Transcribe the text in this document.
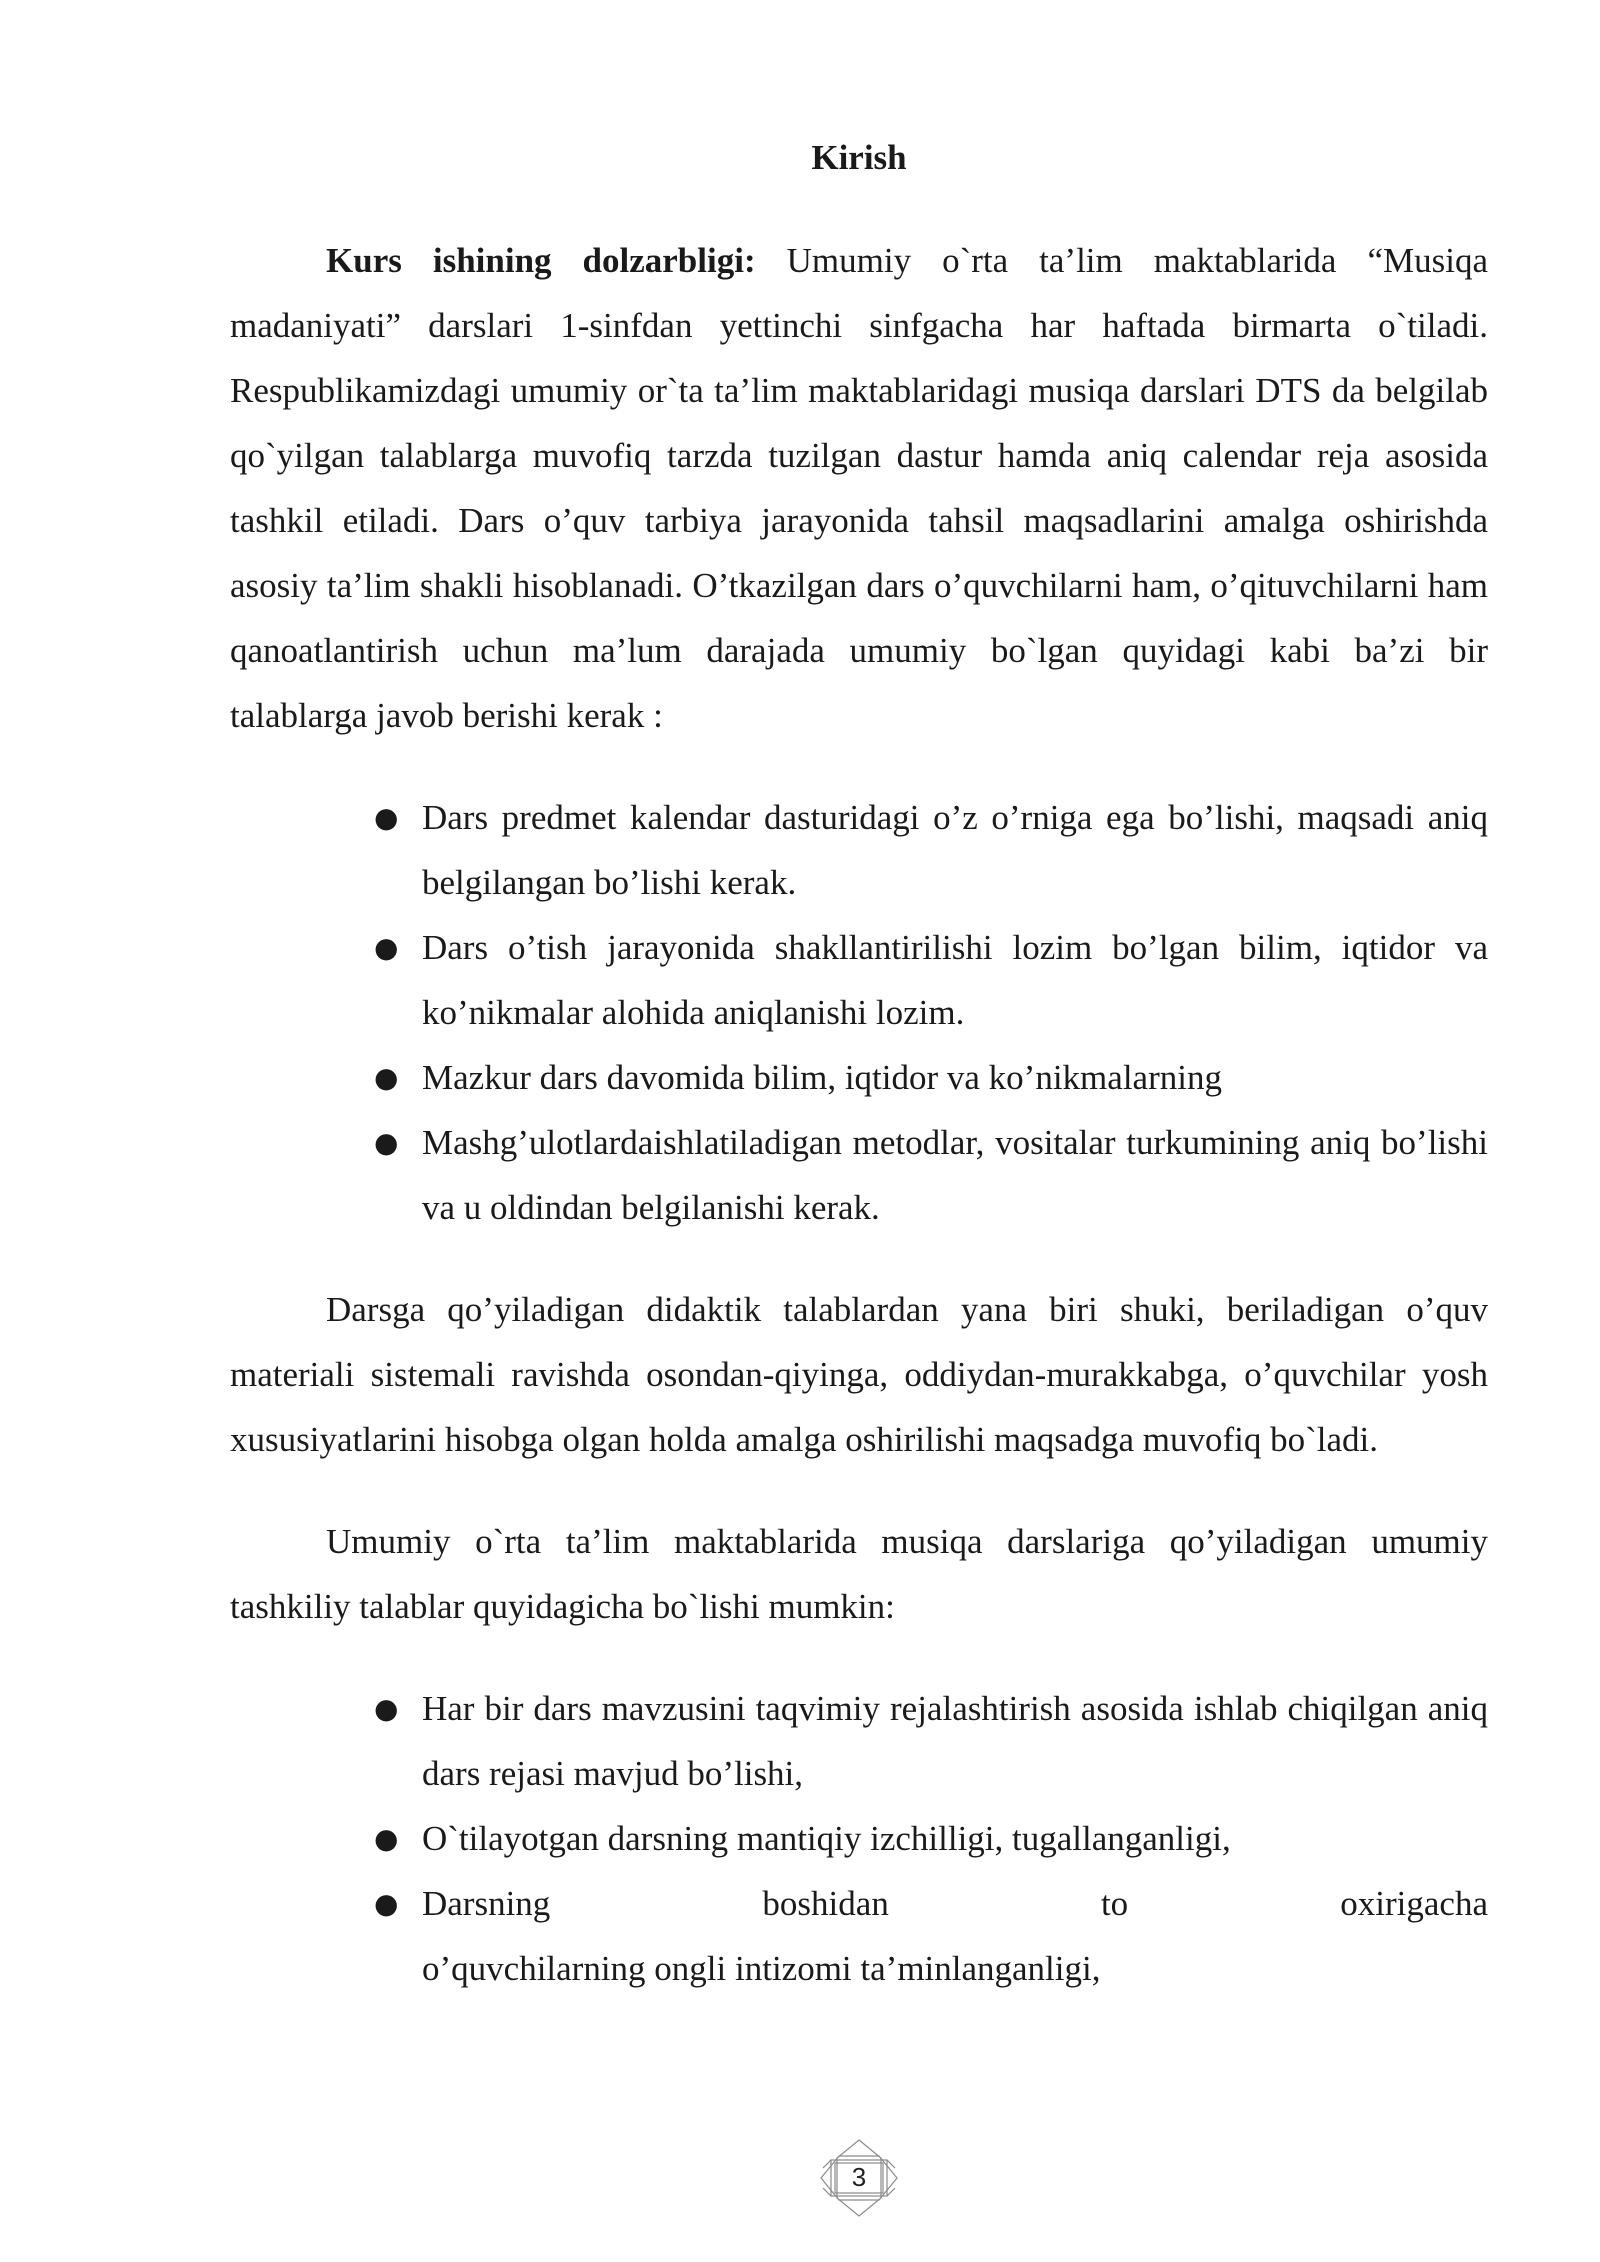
Kirish

Kurs ishining dolzarbligi: Umumiy o`rta ta’lim maktablarida “Musiqa madaniyati” darslari 1-sinfdan yettinchi sinfgacha har haftada birmarta o`tiladi. Respublikamizdagi umumiy or`ta ta’lim maktablaridagi musiqa darslari DTS da belgilab qo`yilgan talablarga muvofiq tarzda tuzilgan dastur hamda aniq calendar reja asosida tashkil etiladi. Dars o’quv tarbiya jarayonida tahsil maqsadlarini amalga oshirishda asosiy ta’lim shakli hisoblanadi. O’tkazilgan dars o’quvchilarni ham, o’qituvchilarni ham qanoatlantirish uchun ma’lum darajada umumiy bo`lgan quyidagi kabi ba’zi bir talablarga javob berishi kerak :

● Dars predmet kalendar dasturidagi o’z o’rniga ega bo’lishi, maqsadi aniq belgilangan bo’lishi kerak.
● Dars o’tish jarayonida shakllantirilishi lozim bo’lgan bilim, iqtidor va ko’nikmalar alohida aniqlanishi lozim.
● Mazkur dars davomida bilim, iqtidor va ko’nikmalarning
● Mashg’ulotlardaishlatiladigan metodlar, vositalar turkumining aniq bo’lishi va u oldindan belgilanishi kerak.

Darsga qo’yiladigan didaktik talablardan yana biri shuki, beriladigan o’quv materiali sistemali ravishda osondan-qiyinga, oddiydan-murakkabga, o’quvchilar yosh xususiyatlarini hisobga olgan holda amalga oshirilishi maqsadga muvofiq bo`ladi.

Umumiy o`rta ta’lim maktablarida musiqa darslariga qo’yiladigan umumiy tashkiliy talablar quyidagicha bo`lishi mumkin:

● Har bir dars mavzusini taqvimiy rejalashtirish asosida ishlab chiqilgan aniq dars rejasi mavjud bo’lishi,
● O`tilayotgan darsning mantiqiy izchilligi, tugallanganligi,
● Darsning boshidan to oxirigacha
o’quvchilarning ongli intizomi ta’minlanganligi,
3
